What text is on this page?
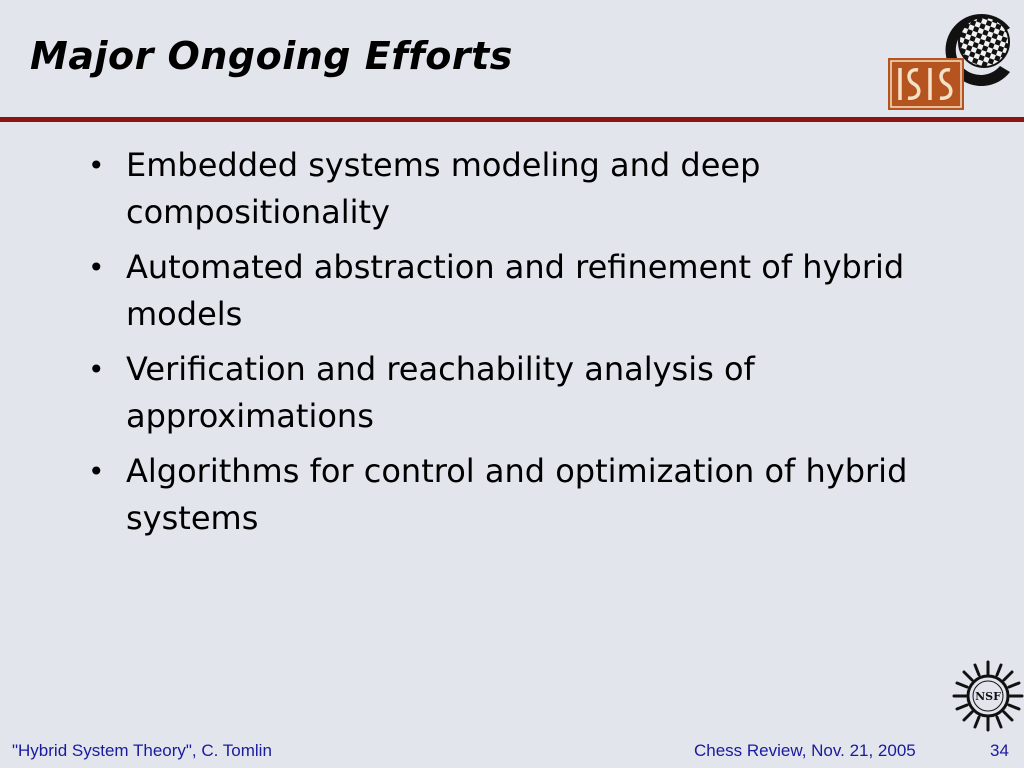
Major Ongoing Efforts
• Embedded systems modeling and deep compositionality
• Automated abstraction and refinement of hybrid models
• Verification and reachability analysis of approximations
• Algorithms for control and optimization of hybrid systems
NSF
"Hybrid System Theory", C. Tomlin	Chess Review, Nov. 21, 2005	34
